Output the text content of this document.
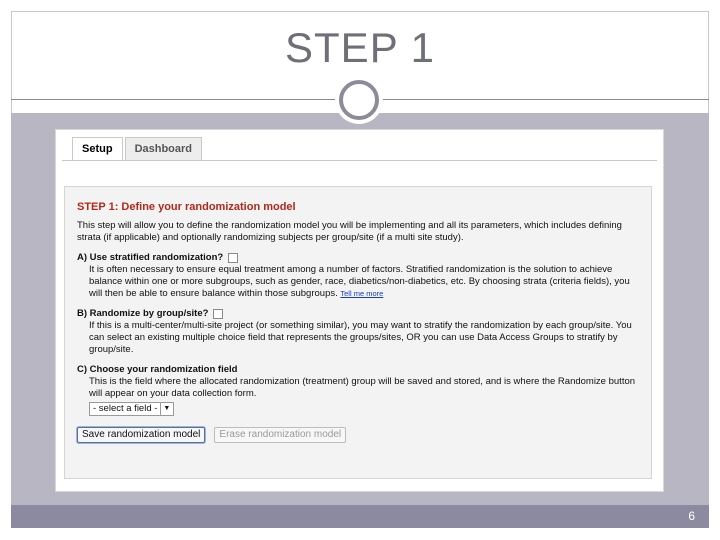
STEP 1
Setup	Dashboard
STEP 1: Define your randomization model
This step will allow you to define the randomization model you will be implementing and all its parameters, which includes defining strata (if applicable) and optionally randomizing subjects per group/site (if a multi site study).
A) Use stratified randomization?
It is often necessary to ensure equal treatment among a number of factors. Stratified randomization is the solution to achieve balance within one or more subgroups, such as gender, race, diabetics/non-diabetics, etc. By choosing strata (criteria fields), you will then be able to ensure balance within those subgroups. Tell me more
B) Randomize by group/site?
If this is a multi-center/multi-site project (or something similar), you may want to stratify the randomization by each group/site. You can select an existing multiple choice field that represents the groups/sites, OR you can use Data Access Groups to stratify by group/site.
C) Choose your randomization field
This is the field where the allocated randomization (treatment) group will be saved and stored, and is where the Randomize button will appear on your data collection form.
- select a field - ▼
Save randomization model	Erase randomization model
6
